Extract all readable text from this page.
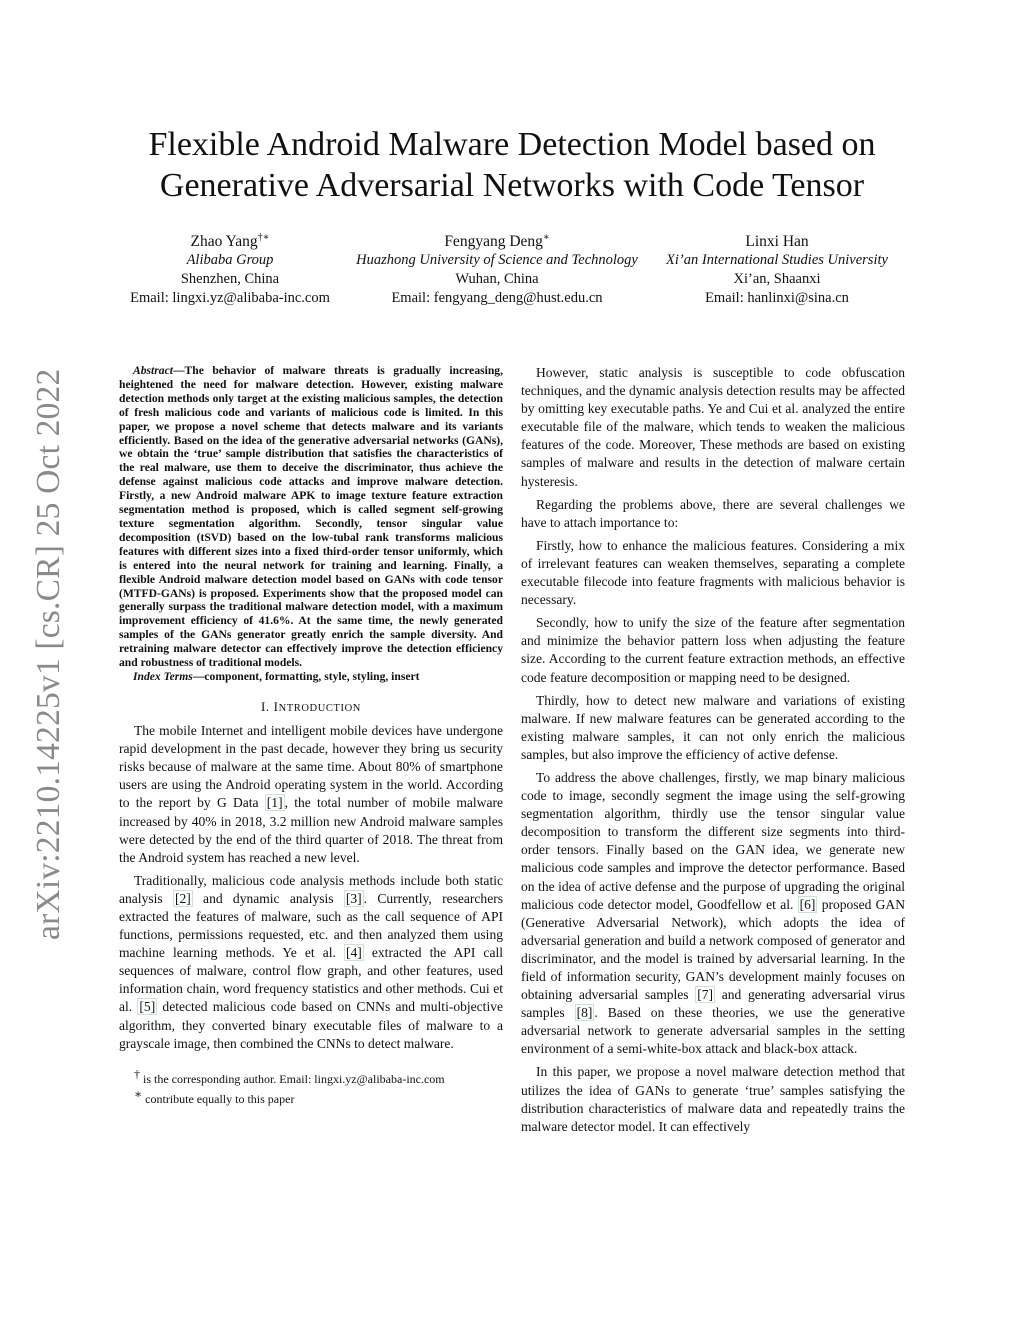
arXiv:2210.14225v1 [cs.CR] 25 Oct 2022
Flexible Android Malware Detection Model based on
Generative Adversarial Networks with Code Tensor
Zhao Yang†∗
Alibaba Group
Shenzhen, China
Email: lingxi.yz@alibaba-inc.com
Fengyang Deng∗
Huazhong University of Science and Technology
Wuhan, China
Email: fengyang_deng@hust.edu.cn
Linxi Han
Xi’an International Studies University
Xi’an, Shaanxi
Email: hanlinxi@sina.cn

Abstract—The behavior of malware threats is gradually increasing, heightened the need for malware detection. However, existing malware detection methods only target at the existing malicious samples, the detection of fresh malicious code and variants of malicious code is limited. In this paper, we propose a novel scheme that detects malware and its variants efficiently. Based on the idea of the generative adversarial networks (GANs), we obtain the ‘true’ sample distribution that satisfies the characteristics of the real malware, use them to deceive the discriminator, thus achieve the defense against malicious code attacks and improve malware detection. Firstly, a new Android malware APK to image texture feature extraction segmentation method is proposed, which is called segment self-growing texture segmentation algorithm. Secondly, tensor singular value decomposition (tSVD) based on the low-tubal rank transforms malicious features with different sizes into a fixed third-order tensor uniformly, which is entered into the neural network for training and learning. Finally, a flexible Android malware detection model based on GANs with code tensor (MTFD-GANs) is proposed. Experiments show that the proposed model can generally surpass the traditional malware detection model, with a maximum improvement efficiency of 41.6%. At the same time, the newly generated samples of the GANs generator greatly enrich the sample diversity. And retraining malware detector can effectively improve the detection efficiency and robustness of traditional models.

Index Terms—component, formatting, style, styling, insert

I. INTRODUCTION

The mobile Internet and intelligent mobile devices have undergone rapid development in the past decade, however they bring us security risks because of malware at the same time. About 80% of smartphone users are using the Android operating system in the world. According to the report by G Data [1] , the total number of mobile malware increased by 40% in 2018, 3.2 million new Android malware samples were detected by the end of the third quarter of 2018. The threat from the Android system has reached a new level.

Traditionally, malicious code analysis methods include both static analysis [2] and dynamic analysis [3] . Currently, researchers extracted the features of malware, such as the call sequence of API functions, permissions requested, etc. and then analyzed them using machine learning methods. Ye et al. [4] extracted the API call sequences of malware, control flow graph, and other features, used information chain, word frequency statistics and other methods. Cui et al. [5] detected malicious code based on CNNs and multi-objective algorithm, they converted binary executable files of malware to a grayscale image, then combined the CNNs to detect malware.

† is the corresponding author. Email: lingxi.yz@alibaba-inc.com
∗ contribute equally to this paper

However, static analysis is susceptible to code obfuscation techniques, and the dynamic analysis detection results may be affected by omitting key executable paths. Ye and Cui et al. analyzed the entire executable file of the malware, which tends to weaken the malicious features of the code. Moreover, These methods are based on existing samples of malware and results in the detection of malware certain hysteresis.

Regarding the problems above, there are several challenges we have to attach importance to:

Firstly, how to enhance the malicious features. Considering a mix of irrelevant features can weaken themselves, separating a complete executable filecode into feature fragments with malicious behavior is necessary.

Secondly, how to unify the size of the feature after segmentation and minimize the behavior pattern loss when adjusting the feature size. According to the current feature extraction methods, an effective code feature decomposition or mapping need to be designed.

Thirdly, how to detect new malware and variations of existing malware. If new malware features can be generated according to the existing malware samples, it can not only enrich the malicious samples, but also improve the efficiency of active defense.

To address the above challenges, firstly, we map binary malicious code to image, secondly segment the image using the self-growing segmentation algorithm, thirdly use the tensor singular value decomposition to transform the different size segments into third-order tensors. Finally based on the GAN idea, we generate new malicious code samples and improve the detector performance. Based on the idea of active defense and the purpose of upgrading the original malicious code detector model, Goodfellow et al. [6] proposed GAN (Generative Adversarial Network), which adopts the idea of adversarial generation and build a network composed of generator and discriminator, and the model is trained by adversarial learning. In the field of information security, GAN’s development mainly focuses on obtaining adversarial samples [7] and generating adversarial virus samples [8] . Based on these theories, we use the generative adversarial network to generate adversarial samples in the setting environment of a semi-white-box attack and black-box attack.

In this paper, we propose a novel malware detection method that utilizes the idea of GANs to generate ‘true’ samples satisfying the distribution characteristics of malware data and repeatedly trains the malware detector model. It can effectively
